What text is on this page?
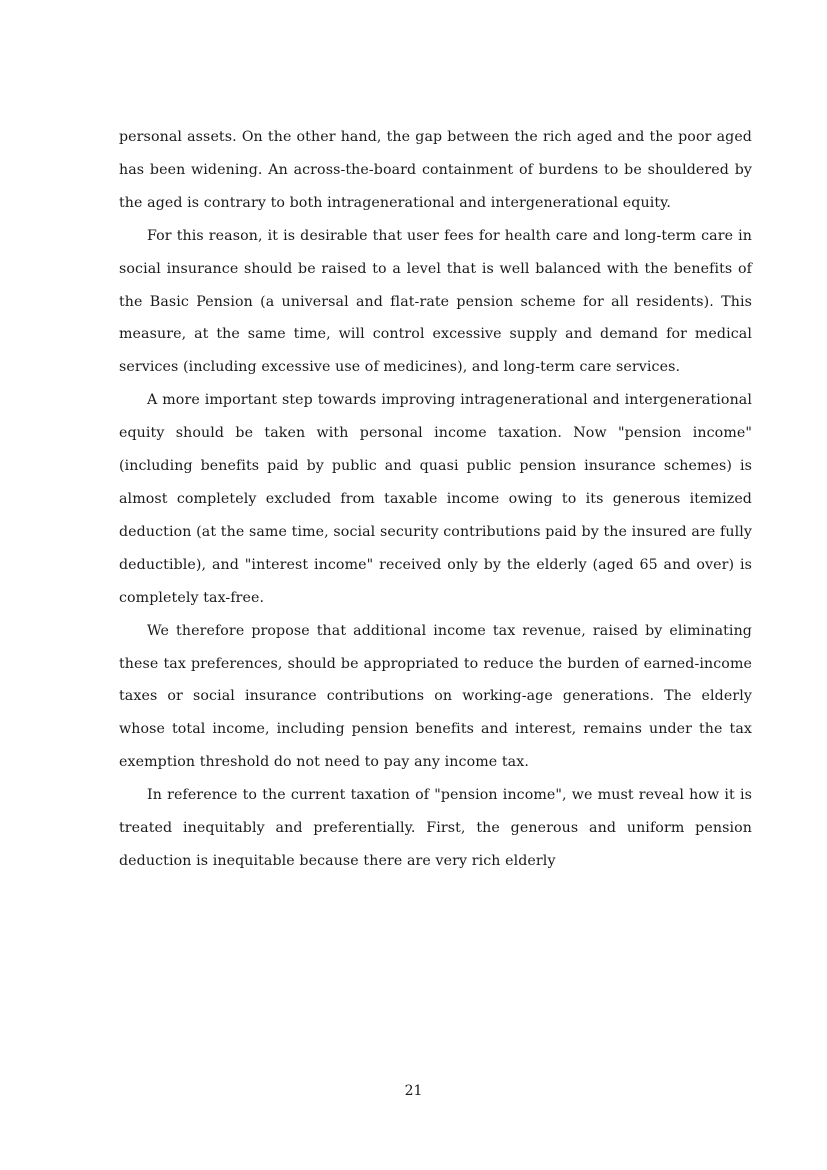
personal assets. On the other hand, the gap between the rich aged and the poor aged has been widening. An across-the-board containment of burdens to be shouldered by the aged is contrary to both intragenerational and intergenerational equity.

For this reason, it is desirable that user fees for health care and long-term care in social insurance should be raised to a level that is well balanced with the benefits of the Basic Pension (a universal and flat-rate pension scheme for all residents). This measure, at the same time, will control excessive supply and demand for medical services (including excessive use of medicines), and long-term care services.

A more important step towards improving intragenerational and intergenerational equity should be taken with personal income taxation. Now "pension income" (including benefits paid by public and quasi public pension insurance schemes) is almost completely excluded from taxable income owing to its generous itemized deduction (at the same time, social security contributions paid by the insured are fully deductible), and "interest income" received only by the elderly (aged 65 and over) is completely tax-free.

We therefore propose that additional income tax revenue, raised by eliminating these tax preferences, should be appropriated to reduce the burden of earned-income taxes or social insurance contributions on working-age generations. The elderly whose total income, including pension benefits and interest, remains under the tax exemption threshold do not need to pay any income tax.

In reference to the current taxation of "pension income", we must reveal how it is treated inequitably and preferentially. First, the generous and uniform pension deduction is inequitable because there are very rich elderly

21
